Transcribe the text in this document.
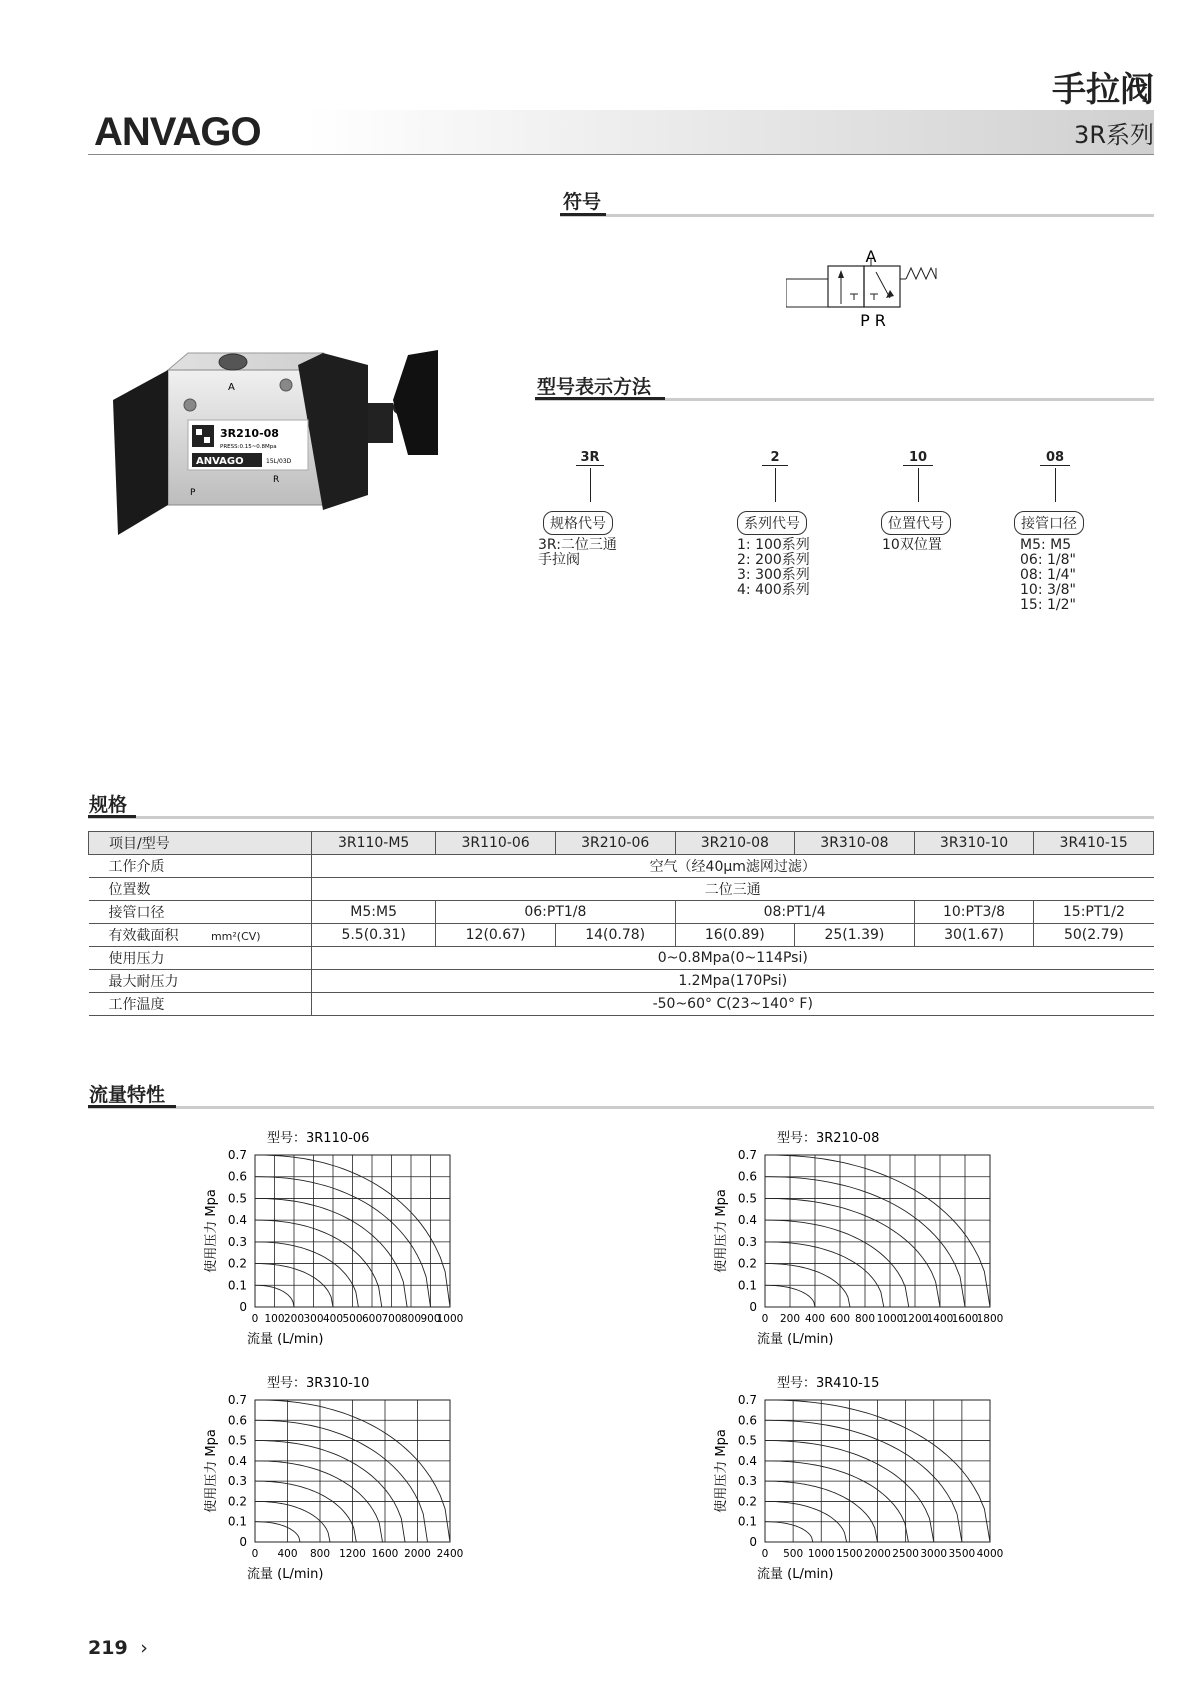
ANVAGO
手拉阀
3R系列
符号
A
P R
3R210-08
PRESS:0.15~0.8Mpa
ANVAGO	15L/03D
A
P
R
型号表示方法
3R
规格代号
3R:二位三通
手拉阀
2
系列代号
1: 100系列
2: 200系列
3: 300系列
4: 400系列
10
位置代号
10双位置
08
接管口径
M5: M5
06: 1/8"
08: 1/4"
10: 3/8"
15: 1/2"
规格
项目/型号	3R110-M5	3R110-06	3R210-06	3R210-08	3R310-08	3R310-10	3R410-15
工作介质	空气（经40μm滤网过滤）						
位置数	二位三通						
接管口径	M5:M5	06:PT1/8		08:PT1/4		10:PT3/8	15:PT1/2
有效截面积 mm²(CV)	5.5(0.31)	12(0.67)	14(0.78)	16(0.89)	25(1.39)	30(1.67)	50(2.79)
使用压力	0~0.8Mpa(0~114Psi)						
最大耐压力	1.2Mpa(170Psi)						
工作温度	-50~60° C(23~140° F)						
流量特性
型号：3R110-06
0 100 200 300 400 500 600 700 800 900
1000
0
0.1
0.2
0.3
0.4
0.5
0.6
0.7
流量 (L/min)
使用压力 Mpa
型号：3R210-08
0 200 400 600 800 1000
1200
1400
1600
1800
0
0.1
0.2
0.3
0.4
0.5
0.6
0.7
流量 (L/min)
使用压力 Mpa
型号：3R310-10
0 400 800 1200 1600 2000 2400
0
0.1
0.2
0.3
0.4
0.5
0.6
0.7
流量 (L/min)
使用压力 Mpa
型号：3R410-15
0 500 1000 1500 2000 2500 3000 3500 4000
0
0.1
0.2
0.3
0.4
0.5
0.6
0.7
流量 (L/min)
使用压力 Mpa
219 ›
